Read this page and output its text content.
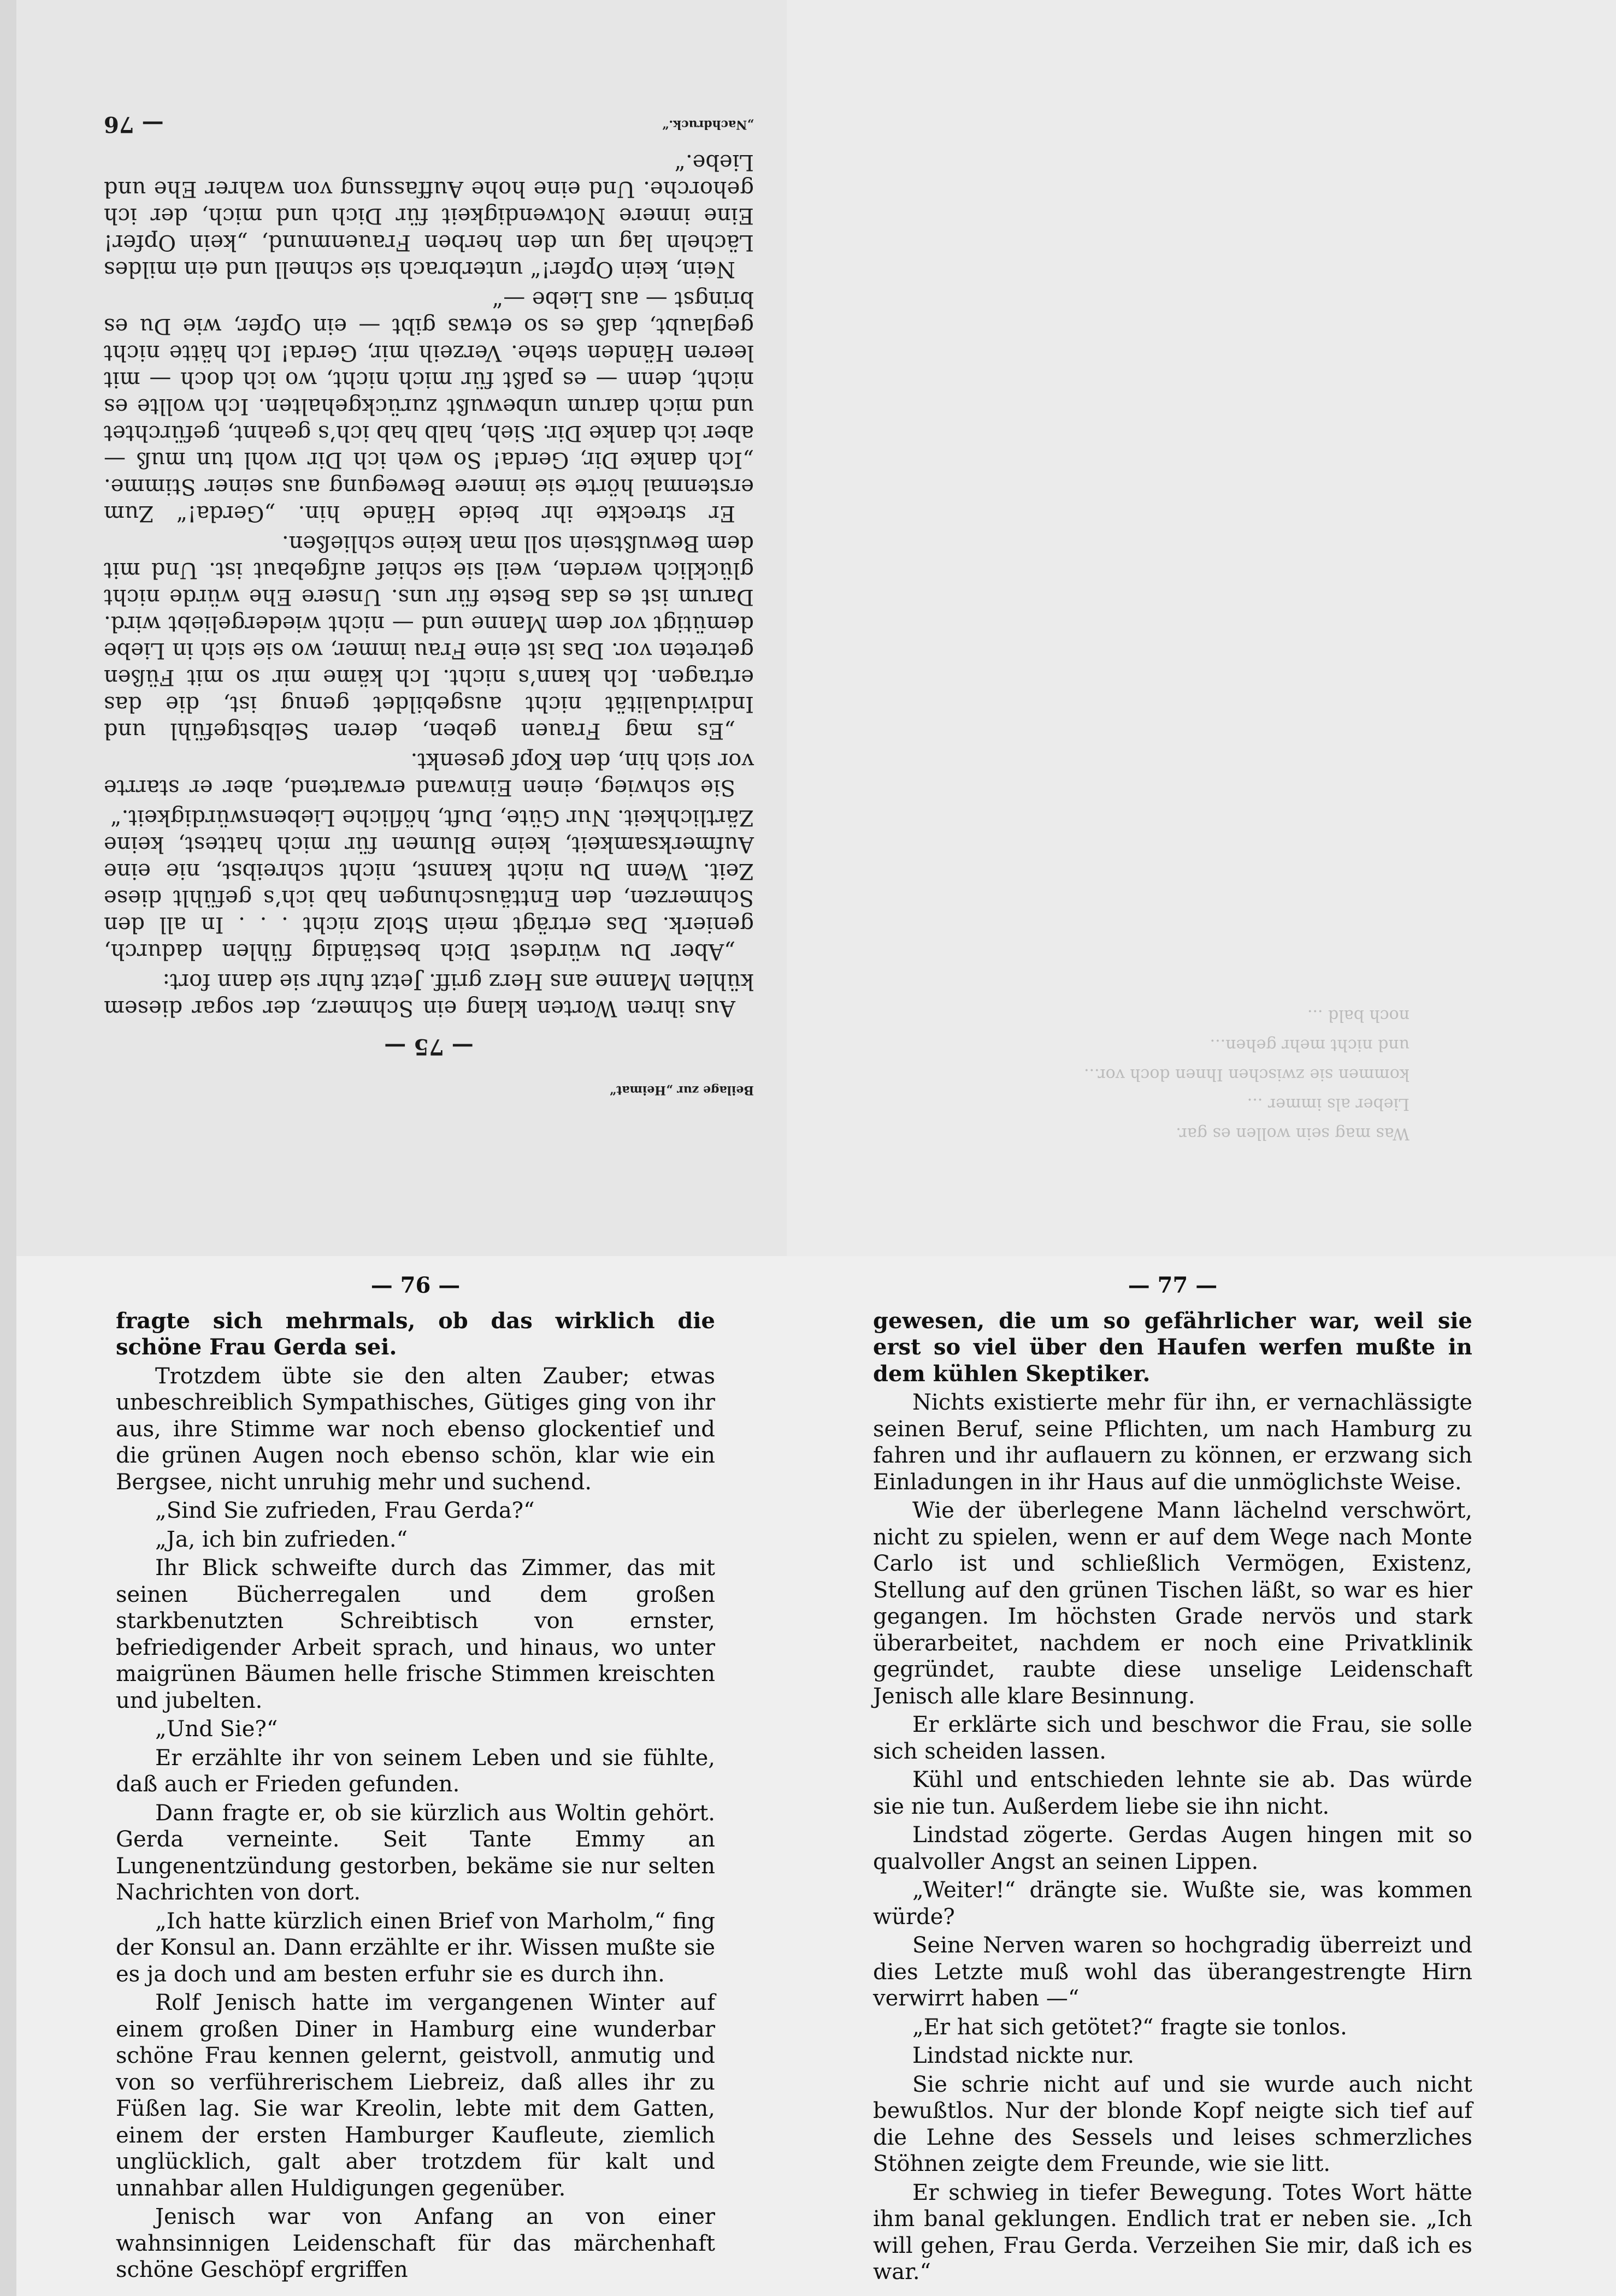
Beilage zur „Heimat“
— 75 —

Aus ihren Worten klang ein Schmerz, der sogar diesem kühlen Manne ans Herz griff. Jetzt fuhr sie dann fort:

„Aber Du würdest Dich beständig fühlen dadurch, genierk. Das erträgt mein Stolz nicht . . . In all den Schmerzen, den Enttäuschungen hab ich’s gefühlt diese Zeit. Wenn Du nicht kannst, nicht schreibst, nie eine Aufmerksamkeit, keine Blumen für mich hattest, keine Zärtlichkeit. Nur Güte, Duft, höfliche Liebenswürdigkeit.“

Sie schwieg, einen Einwand erwartend, aber er starrte vor sich hin, den Kopf gesenkt.

„Es mag Frauen geben, deren Selbstgefühl und Individualität nicht ausgebildet genug ist, die das ertragen. Ich kann’s nicht. Ich käme mir so mit Füßen getreten vor. Das ist eine Frau immer, wo sie sich in Liebe demütigt vor dem Manne und — nicht wiedergeliebt wird. Darum ist es das Beste für uns. Unsere Ehe würde nicht glücklich werden, weil sie schief aufgebaut ist. Und mit dem Bewußtsein soll man keine schließen.

Er streckte ihr beide Hände hin. „Gerda!“ Zum erstenmal hörte sie innere Bewegung aus seiner Stimme. „Ich danke Dir, Gerda! So weh ich Dir wohl tun muß — aber ich danke Dir. Sieh, halb hab ich’s geahnt, gefürchtet und mich darum unbewußt zurückgehalten. Ich wollte es nicht, denn — es paßt für mich nicht, wo ich doch — mit leeren Händen stehe. Verzeih mir, Gerda! Ich hätte nicht geglaubt, daß es so etwas gibt — ein Opfer, wie Du es bringst — aus Liebe —“

Nein, kein Opfer!“ unterbrach sie schnell und ein mildes Lächeln lag um den herben Frauenmund, „kein Opfer! Eine innere Notwendigkeit für Dich und mich, der ich gehorche. Und eine hohe Auffassung von wahrer Ehe und Liebe.“

„Nachdruck.“
— 76
Was mag sein wollen es gar.
Lieber als immer ...
kommen sie zwischen Ihnen doch vor...
und nicht mehr gehen...
noch bald ...
— 76 —

fragte sich mehrmals, ob das wirklich die schöne Frau Gerda sei.

Trotzdem übte sie den alten Zauber; etwas unbeschreiblich Sympathisches, Gütiges ging von ihr aus, ihre Stimme war noch ebenso glockentief und die grünen Augen noch ebenso schön, klar wie ein Bergsee, nicht unruhig mehr und suchend.

„Sind Sie zufrieden, Frau Gerda?“

„Ja, ich bin zufrieden.“

Ihr Blick schweifte durch das Zimmer, das mit seinen Bücherregalen und dem großen starkbenutzten Schreibtisch von ernster, befriedigender Arbeit sprach, und hinaus, wo unter maigrünen Bäumen helle frische Stimmen kreischten und jubelten.

„Und Sie?“

Er erzählte ihr von seinem Leben und sie fühlte, daß auch er Frieden gefunden.

Dann fragte er, ob sie kürzlich aus Woltin gehört. Gerda verneinte. Seit Tante Emmy an Lungenentzündung gestorben, bekäme sie nur selten Nachrichten von dort.

„Ich hatte kürzlich einen Brief von Marholm,“ fing der Konsul an. Dann erzählte er ihr. Wissen mußte sie es ja doch und am besten erfuhr sie es durch ihn.

Rolf Jenisch hatte im vergangenen Winter auf einem großen Diner in Hamburg eine wunderbar schöne Frau kennen gelernt, geistvoll, anmutig und von so verführerischem Liebreiz, daß alles ihr zu Füßen lag. Sie war Kreolin, lebte mit dem Gatten, einem der ersten Hamburger Kaufleute, ziemlich unglücklich, galt aber trotzdem für kalt und unnahbar allen Huldigungen gegenüber.

Jenisch war von Anfang an von einer wahnsinnigen Leidenschaft für das märchenhaft schöne Geschöpf ergriffen

— 77 —

gewesen, die um so gefährlicher war, weil sie erst so viel über den Haufen werfen mußte in dem kühlen Skeptiker.

Nichts existierte mehr für ihn, er vernachlässigte seinen Beruf, seine Pflichten, um nach Hamburg zu fahren und ihr auflauern zu können, er erzwang sich Einladungen in ihr Haus auf die unmöglichste Weise.

Wie der überlegene Mann lächelnd verschwört, nicht zu spielen, wenn er auf dem Wege nach Monte Carlo ist und schließlich Vermögen, Existenz, Stellung auf den grünen Tischen läßt, so war es hier gegangen. Im höchsten Grade nervös und stark überarbeitet, nachdem er noch eine Privatklinik gegründet, raubte diese unselige Leidenschaft Jenisch alle klare Besinnung.

Er erklärte sich und beschwor die Frau, sie solle sich scheiden lassen.

Kühl und entschieden lehnte sie ab. Das würde sie nie tun. Außerdem liebe sie ihn nicht.

Lindstad zögerte. Gerdas Augen hingen mit so qualvoller Angst an seinen Lippen.

„Weiter!“ drängte sie. Wußte sie, was kommen würde?

Seine Nerven waren so hochgradig überreizt und dies Letzte muß wohl das überangestrengte Hirn verwirrt haben —“

„Er hat sich getötet?“ fragte sie tonlos.

Lindstad nickte nur.

Sie schrie nicht auf und sie wurde auch nicht bewußtlos. Nur der blonde Kopf neigte sich tief auf die Lehne des Sessels und leises schmerzliches Stöhnen zeigte dem Freunde, wie sie litt.

Er schwieg in tiefer Bewegung. Totes Wort hätte ihm banal geklungen. Endlich trat er neben sie. „Ich will gehen, Frau Gerda. Verzeihen Sie mir, daß ich es war.“
